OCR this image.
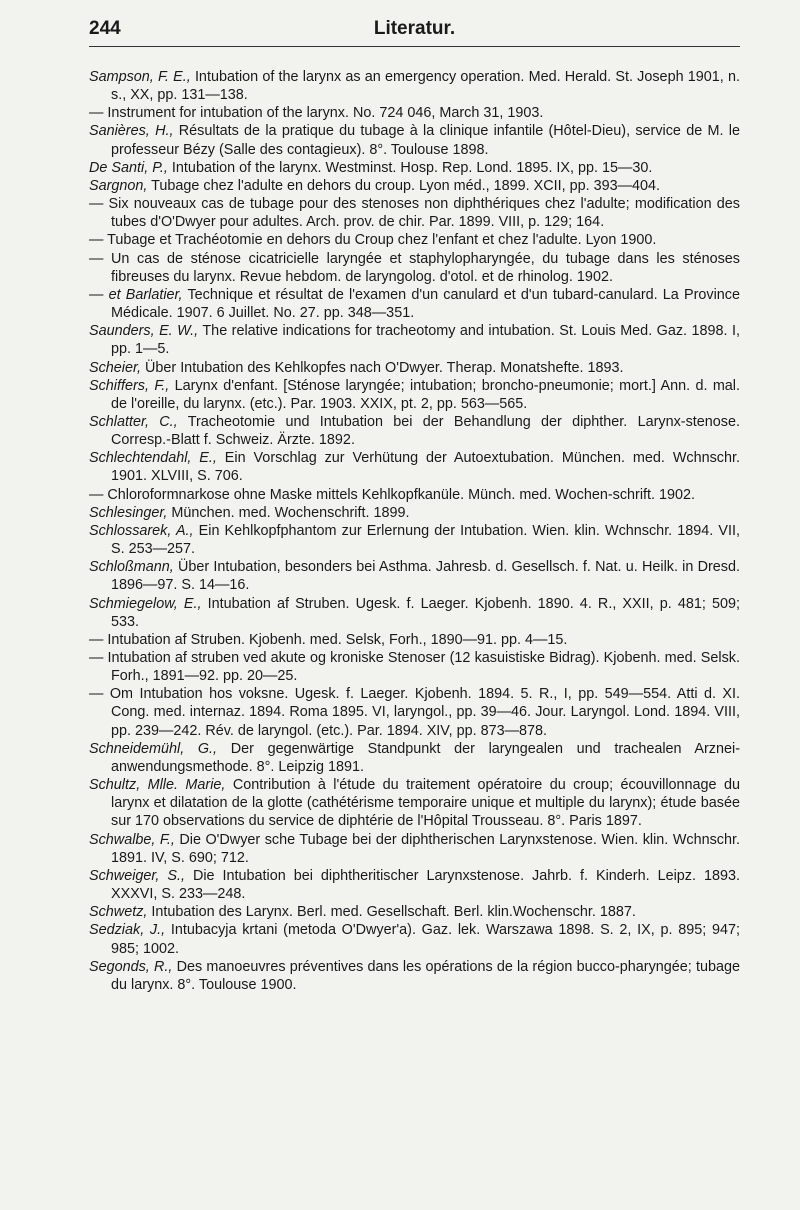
244	Literatur.
Sampson, F. E., Intubation of the larynx as an emergency operation. Med. Herald. St. Joseph 1901, n. s., XX, pp. 131—138.
— Instrument for intubation of the larynx. No. 724 046, March 31, 1903.
Sanières, H., Résultats de la pratique du tubage à la clinique infantile (Hôtel-Dieu), service de M. le professeur Bézy (Salle des contagieux). 8°. Toulouse 1898.
De Santi, P., Intubation of the larynx. Westminst. Hosp. Rep. Lond. 1895. IX, pp. 15—30.
Sargnon, Tubage chez l'adulte en dehors du croup. Lyon méd., 1899. XCII, pp. 393—404.
— Six nouveaux cas de tubage pour des stenoses non diphthériques chez l'adulte; modification des tubes d'O'Dwyer pour adultes. Arch. prov. de chir. Par. 1899. VIII, p. 129; 164.
— Tubage et Trachéotomie en dehors du Croup chez l'enfant et chez l'adulte. Lyon 1900.
— Un cas de sténose cicatricielle laryngée et staphylopharyngée, du tubage dans les sténoses fibreuses du larynx. Revue hebdom. de laryngolog. d'otol. et de rhinolog. 1902.
— et Barlatier, Technique et résultat de l'examen d'un canulard et d'un tubard-canulard. La Province Médicale. 1907. 6 Juillet. No. 27. pp. 348—351.
Saunders, E. W., The relative indications for tracheotomy and intubation. St. Louis Med. Gaz. 1898. I, pp. 1—5.
Scheier, Über Intubation des Kehlkopfes nach O'Dwyer. Therap. Monatshefte. 1893.
Schiffers, F., Larynx d'enfant. [Sténose laryngée; intubation; broncho-pneumonie; mort.] Ann. d. mal. de l'oreille, du larynx. (etc.). Par. 1903. XXIX, pt. 2, pp. 563—565.
Schlatter, C., Tracheotomie und Intubation bei der Behandlung der diphther. Larynx-stenose. Corresp.-Blatt f. Schweiz. Ärzte. 1892.
Schlechtendahl, E., Ein Vorschlag zur Verhütung der Autoextubation. München. med. Wchnschr. 1901. XLVIII, S. 706.
— Chloroformnarkose ohne Maske mittels Kehlkopfkanüle. Münch. med. Wochen-schrift. 1902.
Schlesinger, München. med. Wochenschrift. 1899.
Schlossarek, A., Ein Kehlkopfphantom zur Erlernung der Intubation. Wien. klin. Wchnschr. 1894. VII, S. 253—257.
Schloßmann, Über Intubation, besonders bei Asthma. Jahresb. d. Gesellsch. f. Nat. u. Heilk. in Dresd. 1896—97. S. 14—16.
Schmiegelow, E., Intubation af Struben. Ugesk. f. Laeger. Kjobenh. 1890. 4. R., XXII, p. 481; 509; 533.
— Intubation af Struben. Kjobenh. med. Selsk, Forh., 1890—91. pp. 4—15.
— Intubation af struben ved akute og kroniske Stenoser (12 kasuistiske Bidrag). Kjobenh. med. Selsk. Forh., 1891—92. pp. 20—25.
— Om Intubation hos voksne. Ugesk. f. Laeger. Kjobenh. 1894. 5. R., I, pp. 549—554. Atti d. XI. Cong. med. internaz. 1894. Roma 1895. VI, laryngol., pp. 39—46. Jour. Laryngol. Lond. 1894. VIII, pp. 239—242. Rév. de laryngol. (etc.). Par. 1894. XIV, pp. 873—878.
Schneidemühl, G., Der gegenwärtige Standpunkt der laryngealen und trachealen Arznei-anwendungsmethode. 8°. Leipzig 1891.
Schultz, Mlle. Marie, Contribution à l'étude du traitement opératoire du croup; écouvillonnage du larynx et dilatation de la glotte (cathétérisme temporaire unique et multiple du larynx); étude basée sur 170 observations du service de diphtérie de l'Hôpital Trousseau. 8°. Paris 1897.
Schwalbe, F., Die O'Dwyer sche Tubage bei der diphtherischen Larynxstenose. Wien. klin. Wchnschr. 1891. IV, S. 690; 712.
Schweiger, S., Die Intubation bei diphtheritischer Larynxstenose. Jahrb. f. Kinderh. Leipz. 1893. XXXVI, S. 233—248.
Schwetz, Intubation des Larynx. Berl. med. Gesellschaft. Berl. klin.Wochenschr. 1887.
Sedziak, J., Intubacyja krtani (metoda O'Dwyer'a). Gaz. lek. Warszawa 1898. S. 2, IX, p. 895; 947; 985; 1002.
Segonds, R., Des manoeuvres préventives dans les opérations de la région bucco-pharyngée; tubage du larynx. 8°. Toulouse 1900.
